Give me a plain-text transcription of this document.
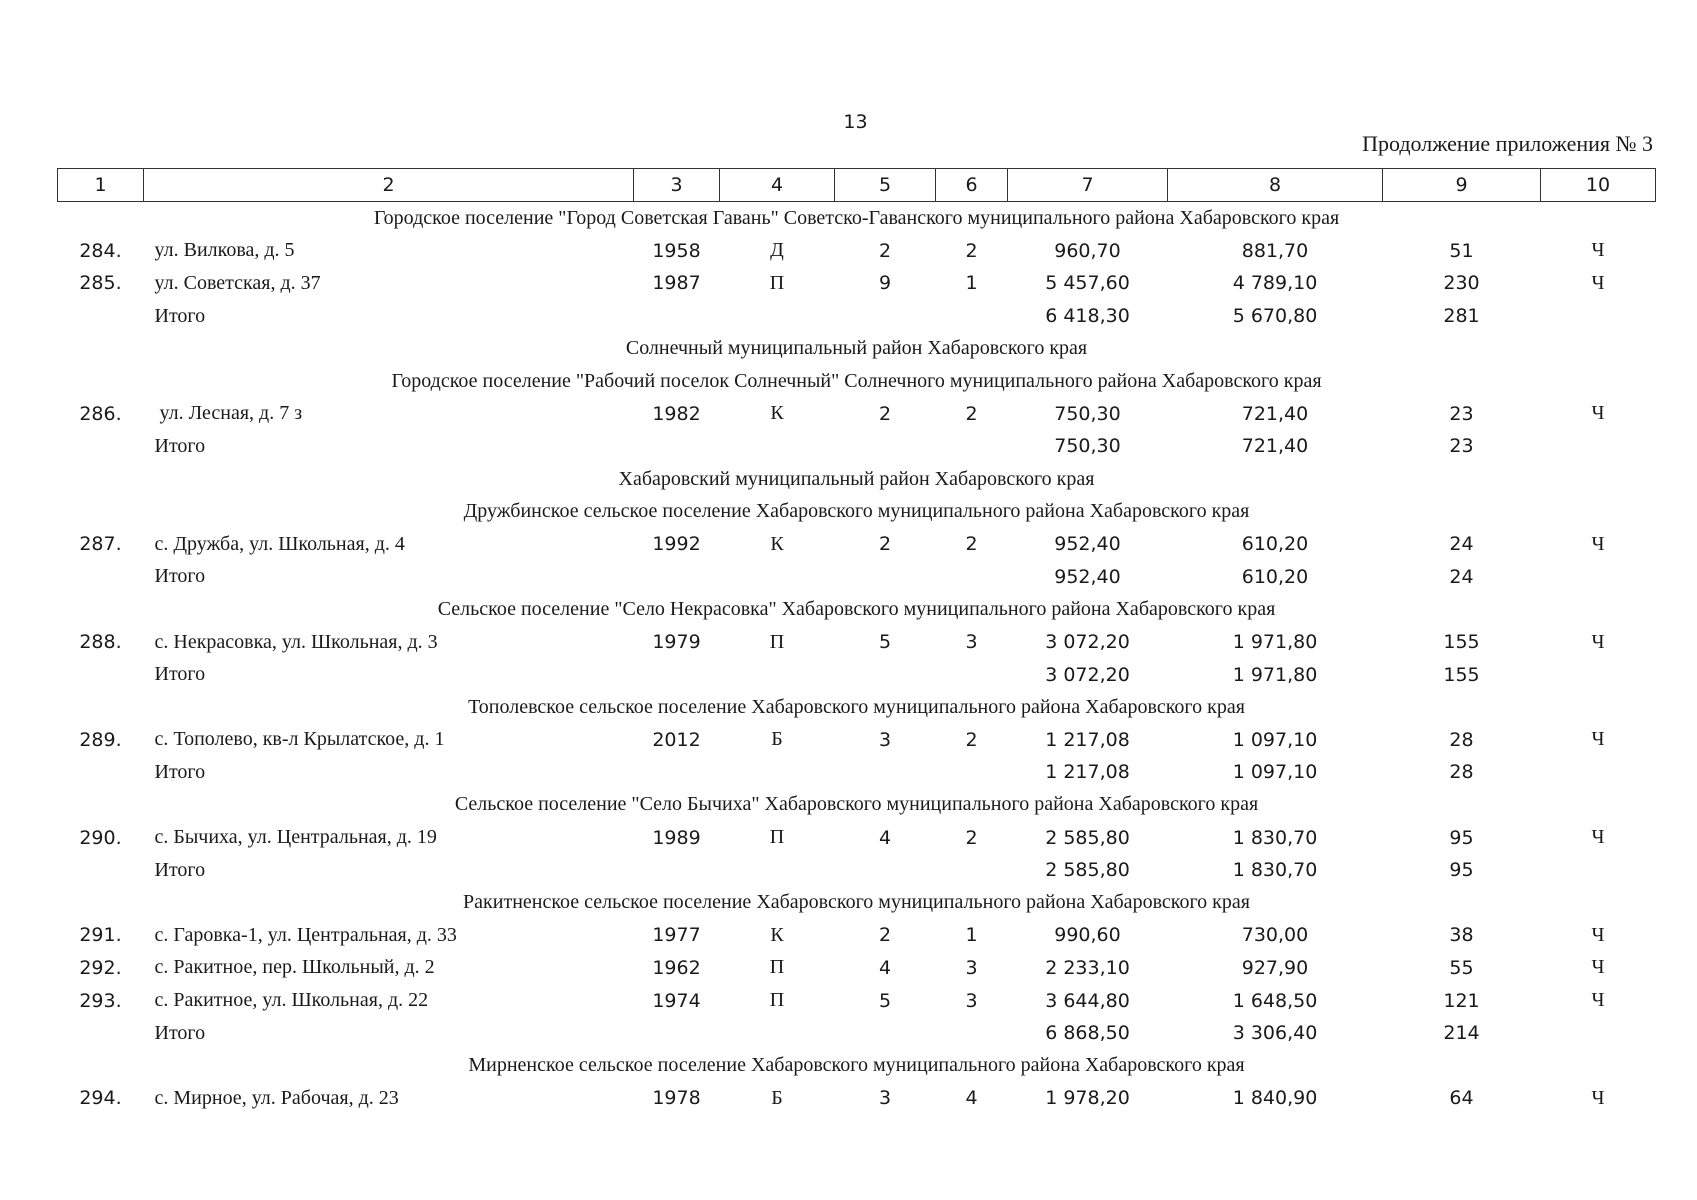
13
Продолжение приложения № 3
1	2	3	4	5	6	7	8	9	10
Городское поселение "Город Советская Гавань" Советско-Гаванского муниципального района Хабаровского края									
284.	ул. Вилкова, д. 5	1958	Д	2	2	960,70	881,70	51	Ч
285.	ул. Советская, д. 37	1987	П	9	1	5 457,60	4 789,10	230	Ч
	Итого					6 418,30	5 670,80	281	
Солнечный муниципальный район Хабаровского края									
Городское поселение "Рабочий поселок Солнечный" Солнечного муниципального района Хабаровского края									
286.	ул. Лесная, д. 7 з	1982	К	2	2	750,30	721,40	23	Ч
	Итого					750,30	721,40	23	
Хабаровский муниципальный район Хабаровского края									
Дружбинское сельское поселение Хабаровского муниципального района Хабаровского края									
287.	с. Дружба, ул. Школьная, д. 4	1992	К	2	2	952,40	610,20	24	Ч
	Итого					952,40	610,20	24	
Сельское поселение "Село Некрасовка" Хабаровского муниципального района Хабаровского края									
288.	с. Некрасовка, ул. Школьная, д. 3	1979	П	5	3	3 072,20	1 971,80	155	Ч
	Итого					3 072,20	1 971,80	155	
Тополевское сельское поселение Хабаровского муниципального района Хабаровского края									
289.	с. Тополево, кв-л Крылатское, д. 1	2012	Б	3	2	1 217,08	1 097,10	28	Ч
	Итого					1 217,08	1 097,10	28	
Сельское поселение "Село Бычиха" Хабаровского муниципального района Хабаровского края									
290.	с. Бычиха, ул. Центральная, д. 19	1989	П	4	2	2 585,80	1 830,70	95	Ч
	Итого					2 585,80	1 830,70	95	
Ракитненское сельское поселение Хабаровского муниципального района Хабаровского края									
291.	с. Гаровка-1, ул. Центральная, д. 33	1977	К	2	1	990,60	730,00	38	Ч
292.	с. Ракитное, пер. Школьный, д. 2	1962	П	4	3	2 233,10	927,90	55	Ч
293.	с. Ракитное, ул. Школьная, д. 22	1974	П	5	3	3 644,80	1 648,50	121	Ч
	Итого					6 868,50	3 306,40	214	
Мирненское сельское поселение Хабаровского муниципального района Хабаровского края									
294.	с. Мирное, ул. Рабочая, д. 23	1978	Б	3	4	1 978,20	1 840,90	64	Ч
